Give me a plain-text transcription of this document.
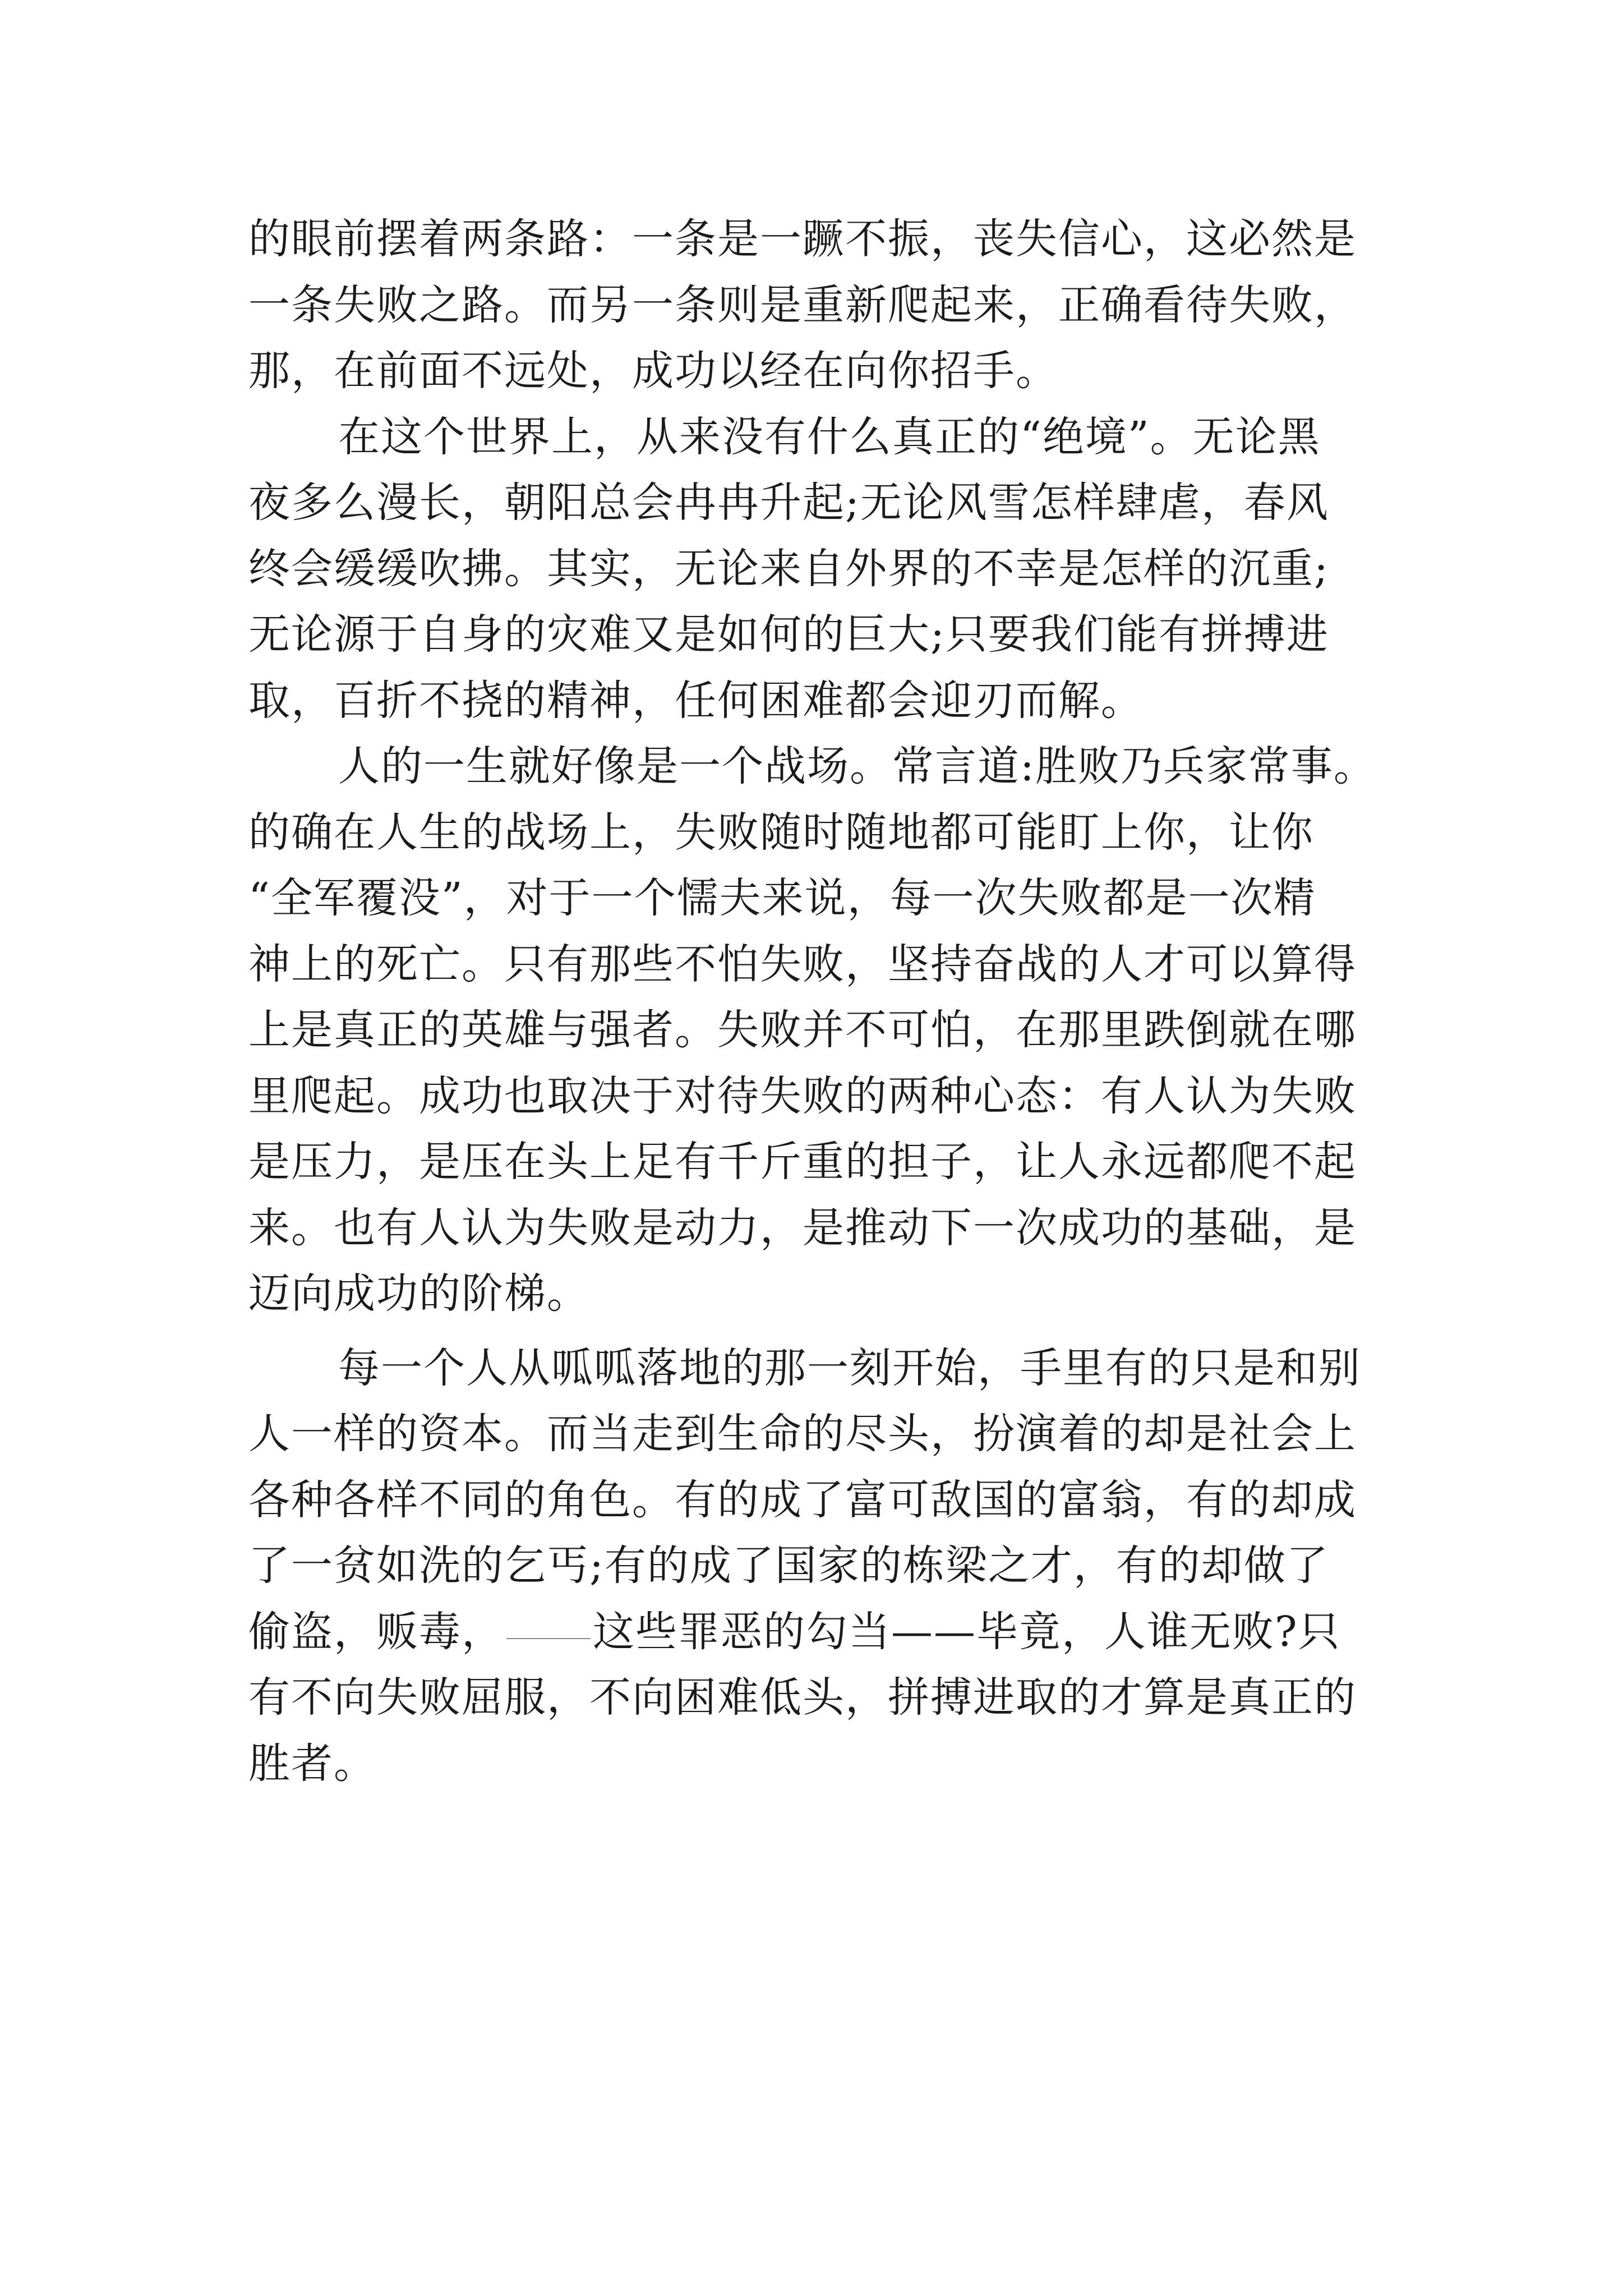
的眼前摆着两条路：一条是一蹶不振，丧失信心，这必然是
一条失败之路。而另一条则是重新爬起来，正确看待失败，
那，在前面不远处，成功以经在向你招手。
在这个世界上，从来没有什么真正的“绝境”。无论黑
夜多么漫长，朝阳总会冉冉升起;无论风雪怎样肆虐，春风
终会缓缓吹拂。其实，无论来自外界的不幸是怎样的沉重;
无论源于自身的灾难又是如何的巨大;只要我们能有拼搏进
取，百折不挠的精神，任何困难都会迎刃而解。
人的一生就好像是一个战场。常言道:胜败乃兵家常事。
的确在人生的战场上，失败随时随地都可能盯上你，让你
“全军覆没”，对于一个懦夫来说，每一次失败都是一次精
神上的死亡。只有那些不怕失败，坚持奋战的人才可以算得
上是真正的英雄与强者。失败并不可怕，在那里跌倒就在哪
里爬起。成功也取决于对待失败的两种心态：有人认为失败
是压力，是压在头上足有千斤重的担子，让人永远都爬不起
来。也有人认为失败是动力，是推动下一次成功的基础，是
迈向成功的阶梯。
每一个人从呱呱落地的那一刻开始，手里有的只是和别
人一样的资本。而当走到生命的尽头，扮演着的却是社会上
各种各样不同的角色。有的成了富可敌国的富翁，有的却成
了一贫如洗的乞丐;有的成了国家的栋梁之才，有的却做了
偷盗，贩毒， 这些罪恶的勾当——毕竟，人谁无败?只
有不向失败屈服，不向困难低头，拼搏进取的才算是真正的
胜者。
